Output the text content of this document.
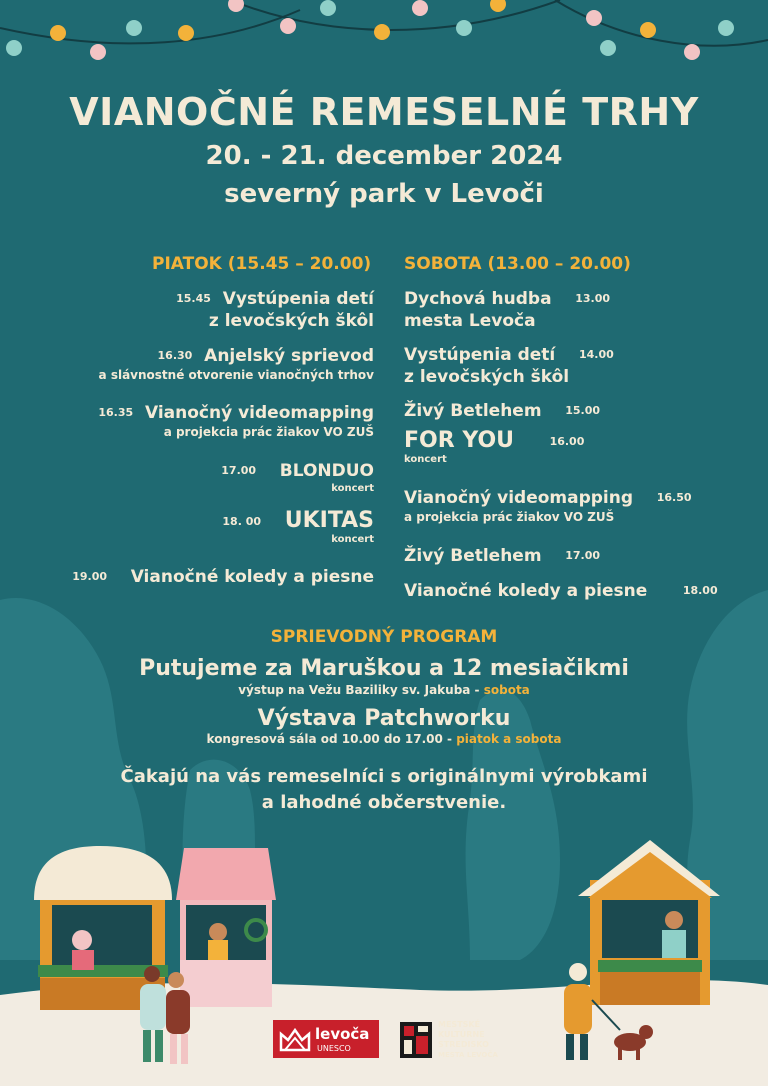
VIANOČNÉ REMESELNÉ TRHY
20. - 21. december 2024
severný park v Levoči
PIATOK (15.45 – 20.00)
15.45 Vystúpenia detí
z levočských škôl
16.30 Anjelský sprievod
a slávnostné otvorenie vianočných trhov
16.35 Vianočný videomapping
a projekcia prác žiakov VO ZUŠ
17.00 BLONDUO
koncert
18. 00 UKITAS
koncert
19.00 Vianočné koledy a piesne
SOBOTA (13.00 – 20.00)
Dychová hudba 13.00
mesta Levoča
Vystúpenia detí 14.00
z levočských škôl
Živý Betlehem 15.00
FOR YOU	16.00
koncert
Vianočný videomapping 16.50
a projekcia prác žiakov VO ZUŠ
Živý Betlehem 17.00
Vianočné koledy a piesne	18.00
SPRIEVODNÝ PROGRAM
Putujeme za Maruškou a 12 mesiačikmi
výstup na Vežu Baziliky sv. Jakuba - sobota
Výstava Patchworku
kongresová sála od 10.00 do 17.00 - piatok a sobota
Čakajú na vás remeselníci s originálnymi výrobkami
a lahodné občerstvenie.
levoča
UNESCO
MESTSKÉ
KULTÚRNE
STREDISKO
MESTA LEVOČA
